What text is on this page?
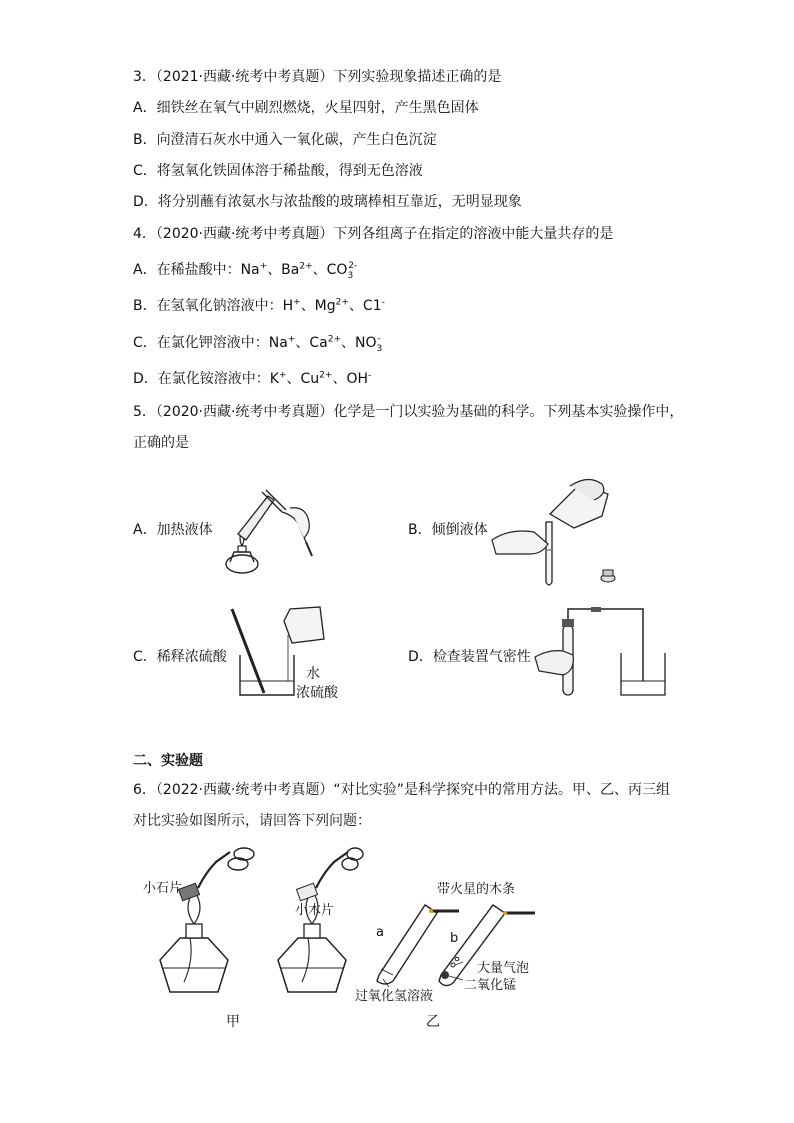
3．（2021·西藏·统考中考真题）下列实验现象描述正确的是
A．细铁丝在氧气中剧烈燃烧，火星四射，产生黑色固体
B．向澄清石灰水中通入一氧化碳，产生白色沉淀
C．将氢氧化铁固体溶于稀盐酸，得到无色溶液
D．将分别蘸有浓氨水与浓盐酸的玻璃棒相互靠近，无明显现象
4．（2020·西藏·统考中考真题）下列各组离子在指定的溶液中能大量共存的是
A．在稀盐酸中：Na+、$Ba^{2+}$、$CO_3^{2-}$
B．在氢氧化钠溶液中：H+、$Mg^{2+}$、C1-
C．在氯化钾溶液中：Na+、$Ca^{2+}$、$NO_3^-$
D．在氯化铵溶液中：K+、$Cu^{2+}$、OH-
5．（2020·西藏·统考中考真题）化学是一门以实验为基础的科学。下列基本实验操作中，
正确的是
A．加热液体	B．倾倒液体
C．稀释浓硫酸
水
浓硫酸
D．检查装置气密性
二、实验题
6．（2022·西藏·统考中考真题）“对比实验”是科学探究中的常用方法。甲、乙、丙三组
对比实验如图所示，请回答下列问题：
小石片
小木片
甲
带火星的木条
a	b
大量气泡
二氧化锰
过氧化氢溶液
乙
